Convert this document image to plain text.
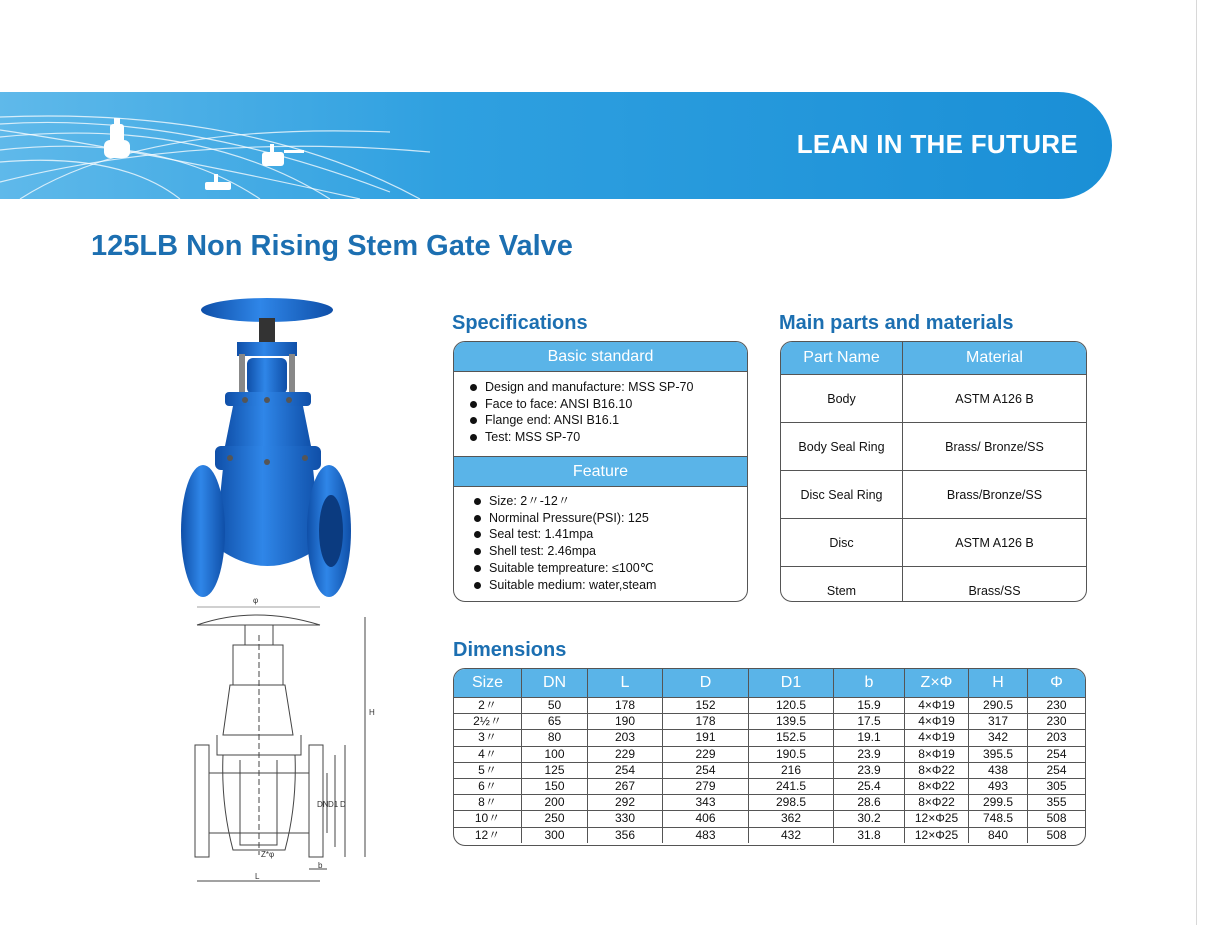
LEAN IN THE FUTURE
125LB Non Rising Stem Gate Valve
φ
H
DN D1 D
Z*φ
b
L
Specifications
Basic standard
Design and manufacture: MSS SP-70
Face to face: ANSI B16.10
Flange end: ANSI B16.1
Test: MSS SP-70
Feature
Size: 2〃-12〃
Norminal Pressure(PSI): 125
Seal test: 1.41mpa
Shell test: 2.46mpa
Suitable tempreature: ≤100℃
Suitable medium: water,steam
Main parts and materials
Part Name	Material
Body	ASTM A126 B
Body Seal Ring	Brass/ Bronze/SS
Disc Seal Ring	Brass/Bronze/SS
Disc	ASTM A126 B
Stem	Brass/SS
Dimensions
Size	DN	L	D	D1	b	Z×Φ	H	Φ
2〃	50	178	152	120.5	15.9	4×Φ19	290.5	230
2½〃	65	190	178	139.5	17.5	4×Φ19	317	230
3〃	80	203	191	152.5	19.1	4×Φ19	342	203
4〃	100	229	229	190.5	23.9	8×Φ19	395.5	254
5〃	125	254	254	216	23.9	8×Φ22	438	254
6〃	150	267	279	241.5	25.4	8×Φ22	493	305
8〃	200	292	343	298.5	28.6	8×Φ22	299.5	355
10〃	250	330	406	362	30.2	12×Φ25	748.5	508
12〃	300	356	483	432	31.8	12×Φ25	840	508
